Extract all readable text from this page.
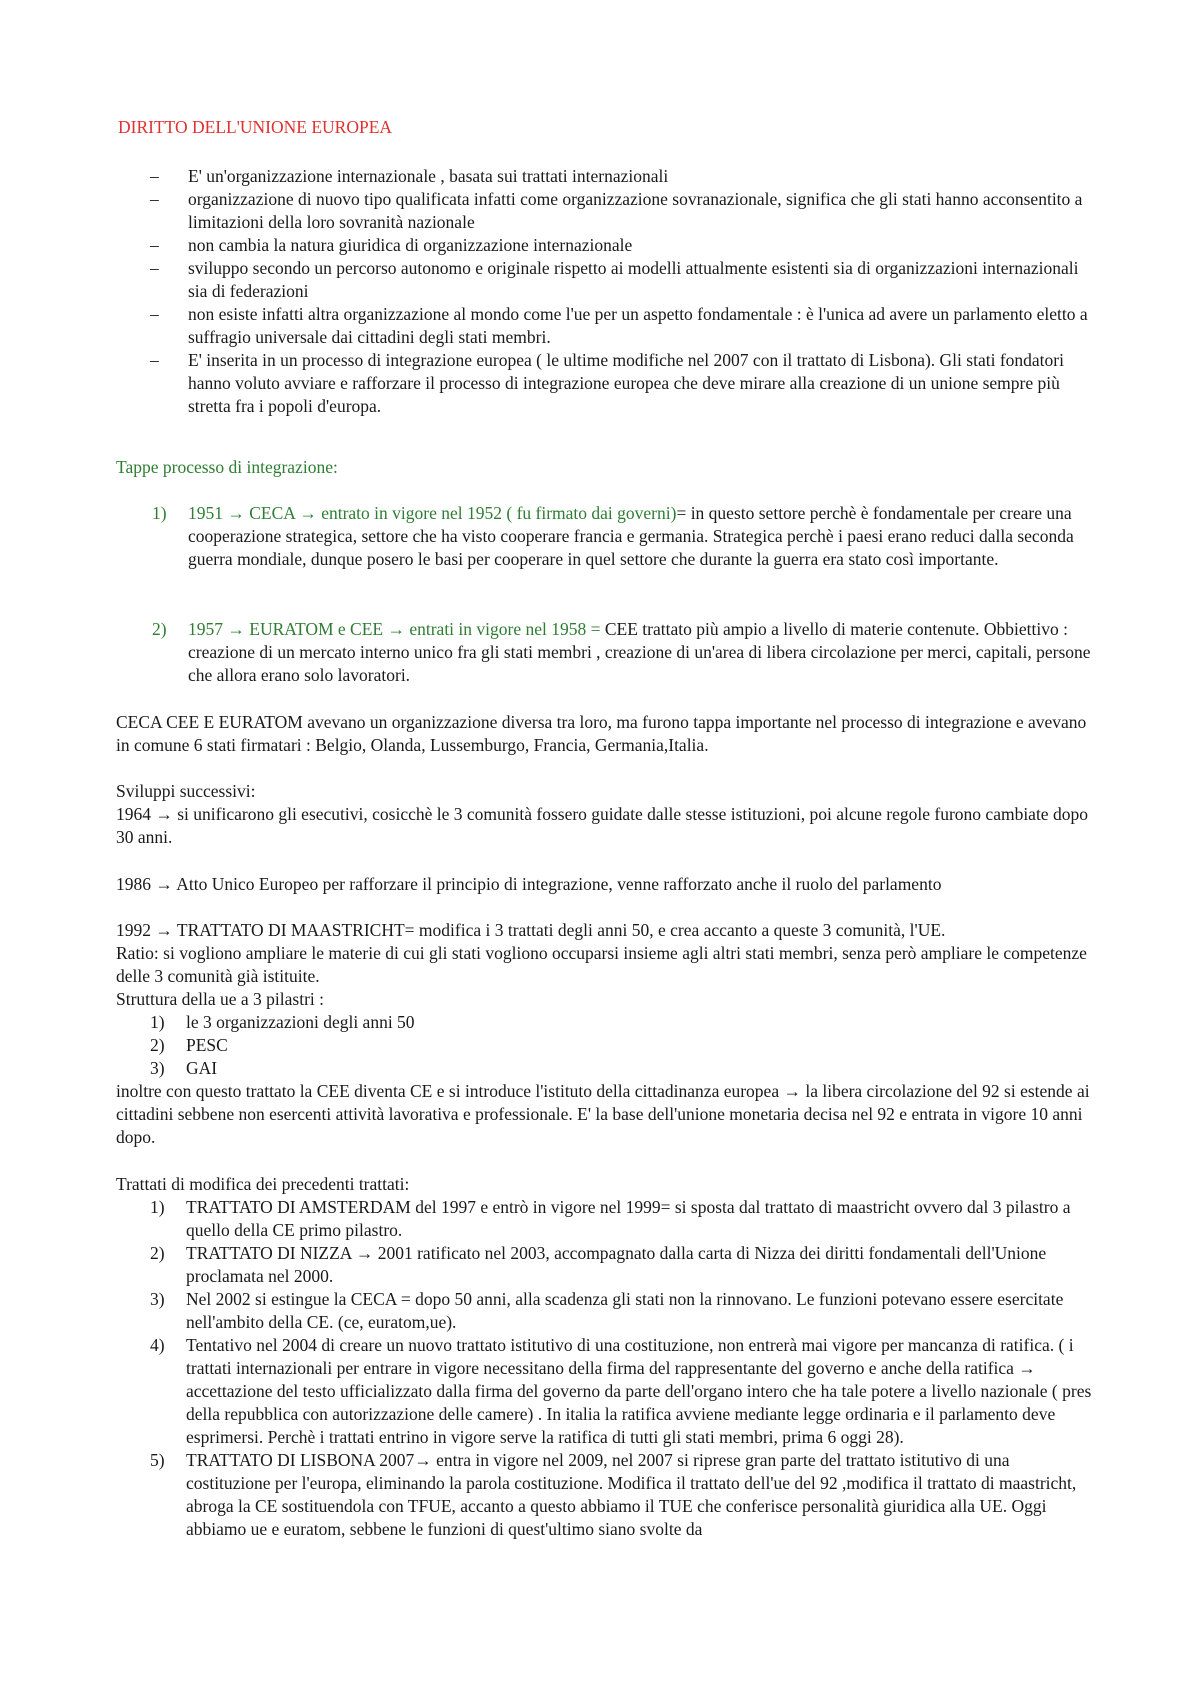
DIRITTO DELL'UNIONE EUROPEA
– E' un'organizzazione internazionale , basata sui trattati internazionali
– organizzazione di nuovo tipo qualificata infatti come organizzazione sovranazionale, significa che gli stati hanno acconsentito a limitazioni della loro sovranità nazionale
– non cambia la natura giuridica di organizzazione internazionale
– sviluppo secondo un percorso autonomo e originale rispetto ai modelli attualmente esistenti sia di organizzazioni internazionali sia di federazioni
– non esiste infatti altra organizzazione al mondo come l'ue per un aspetto fondamentale : è l'unica ad avere un parlamento eletto a suffragio universale dai cittadini degli stati membri.
– E' inserita in un processo di integrazione europea ( le ultime modifiche nel 2007 con il trattato di Lisbona). Gli stati fondatori hanno voluto avviare e rafforzare il processo di integrazione europea che deve mirare alla creazione di un unione sempre più stretta fra i popoli d'europa.
Tappe processo di integrazione:
1) 1951 → CECA → entrato in vigore nel 1952 ( fu firmato dai governi)= in questo settore perchè è fondamentale per creare una cooperazione strategica, settore che ha visto cooperare francia e germania. Strategica perchè i paesi erano reduci dalla seconda guerra mondiale, dunque posero le basi per cooperare in quel settore che durante la guerra era stato così importante.
2) 1957 → EURATOM e CEE → entrati in vigore nel 1958 = CEE trattato più ampio a livello di materie contenute. Obbiettivo : creazione di un mercato interno unico fra gli stati membri , creazione di un'area di libera circolazione per merci, capitali, persone che allora erano solo lavoratori.
CECA CEE E EURATOM avevano un organizzazione diversa tra loro, ma furono tappa importante nel processo di integrazione e avevano in comune 6 stati firmatari : Belgio, Olanda, Lussemburgo, Francia, Germania,Italia.
Sviluppi successivi:
1964 → si unificarono gli esecutivi, cosicchè le 3 comunità fossero guidate dalle stesse istituzioni, poi alcune regole furono cambiate dopo 30 anni.
1986 → Atto Unico Europeo per rafforzare il principio di integrazione, venne rafforzato anche il ruolo del parlamento
1992 → TRATTATO DI MAASTRICHT= modifica i 3 trattati degli anni 50, e crea accanto a queste 3 comunità, l'UE.
Ratio: si vogliono ampliare le materie di cui gli stati vogliono occuparsi insieme agli altri stati membri, senza però ampliare le competenze delle 3 comunità già istituite.
Struttura della ue a 3 pilastri :
1) le 3 organizzazioni degli anni 50
2) PESC
3) GAI
inoltre con questo trattato la CEE diventa CE e si introduce l'istituto della cittadinanza europea → la libera circolazione del 92 si estende ai cittadini sebbene non esercenti attività lavorativa e professionale. E' la base dell'unione monetaria decisa nel 92 e entrata in vigore 10 anni dopo.
Trattati di modifica dei precedenti trattati:
1) TRATTATO DI AMSTERDAM del 1997 e entrò in vigore nel 1999= si sposta dal trattato di maastricht ovvero dal 3 pilastro a quello della CE primo pilastro.
2) TRATTATO DI NIZZA → 2001 ratificato nel 2003, accompagnato dalla carta di Nizza dei diritti fondamentali dell'Unione proclamata nel 2000.
3) Nel 2002 si estingue la CECA = dopo 50 anni, alla scadenza gli stati non la rinnovano. Le funzioni potevano essere esercitate nell'ambito della CE. (ce, euratom,ue).
4) Tentativo nel 2004 di creare un nuovo trattato istitutivo di una costituzione, non entrerà mai vigore per mancanza di ratifica. ( i trattati internazionali per entrare in vigore necessitano della firma del rappresentante del governo e anche della ratifica → accettazione del testo ufficializzato dalla firma del governo da parte dell'organo intero che ha tale potere a livello nazionale ( pres della repubblica con autorizzazione delle camere) . In italia la ratifica avviene mediante legge ordinaria e il parlamento deve esprimersi. Perchè i trattati entrino in vigore serve la ratifica di tutti gli stati membri, prima 6 oggi 28).
5) TRATTATO DI LISBONA 2007→ entra in vigore nel 2009, nel 2007 si riprese gran parte del trattato istitutivo di una costituzione per l'europa, eliminando la parola costituzione. Modifica il trattato dell'ue del 92 ,modifica il trattato di maastricht, abroga la CE sostituendola con TFUE, accanto a questo abbiamo il TUE che conferisce personalità giuridica alla UE. Oggi abbiamo ue e euratom, sebbene le funzioni di quest'ultimo siano svolte da
